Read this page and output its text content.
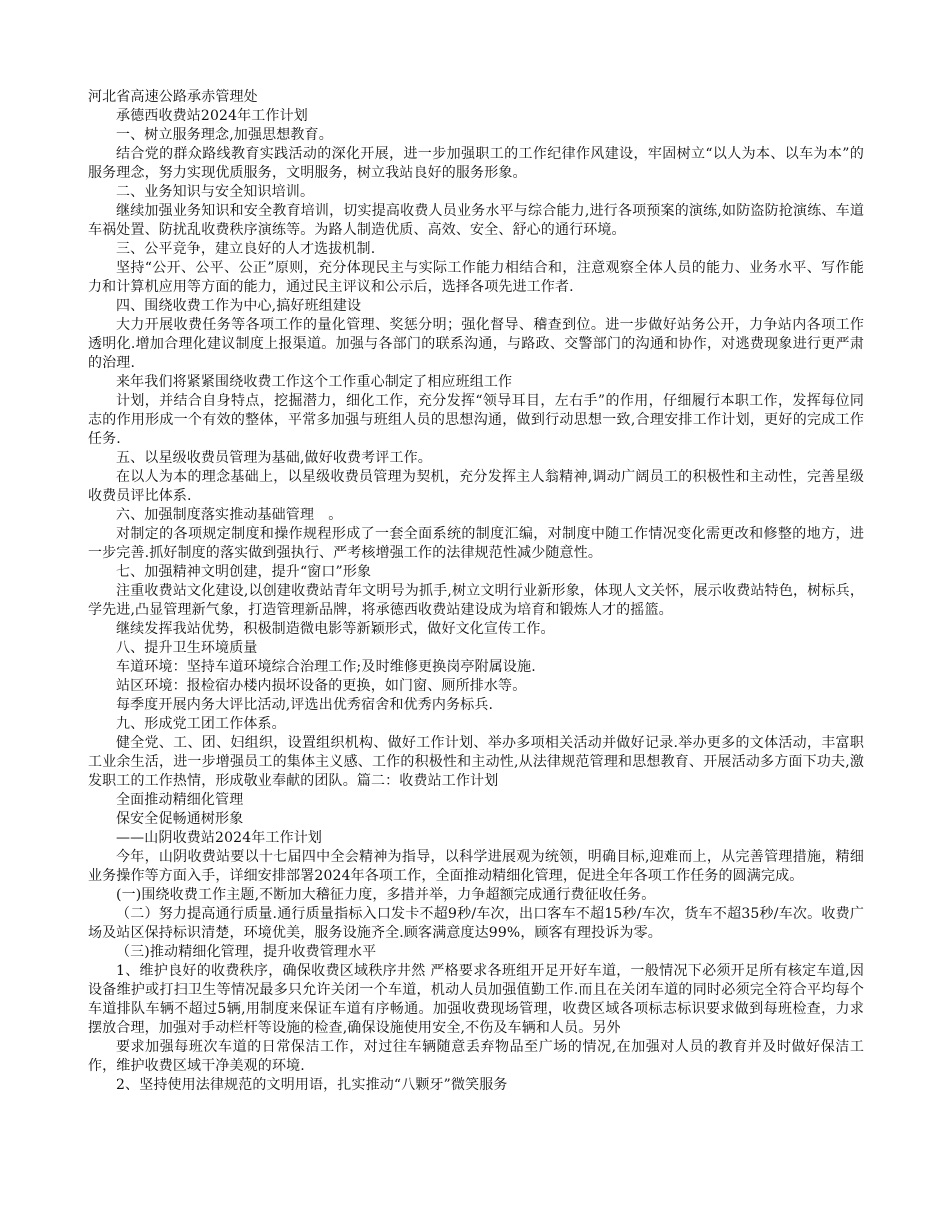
河北省高速公路承赤管理处

承德西收费站2024年工作计划

一、树立服务理念,加强思想教育。

结合党的群众路线教育实践活动的深化开展，进一步加强职工的工作纪律作风建设，牢固树立“以人为本、以车为本”的服务理念，努力实现优质服务，文明服务，树立我站良好的服务形象。

二、业务知识与安全知识培训。

继续加强业务知识和安全教育培训，切实提高收费人员业务水平与综合能力,进行各项预案的演练,如防盗防抢演练、车道车祸处置、防扰乱收费秩序演练等。为路人制造优质、高效、安全、舒心的通行环境。

三、公平竞争，建立良好的人才选拔机制.

坚持“公开、公平、公正”原则，充分体现民主与实际工作能力相结合和，注意观察全体人员的能力、业务水平、写作能力和计算机应用等方面的能力，通过民主评议和公示后，选择各项先进工作者.

四、围绕收费工作为中心,搞好班组建设

大力开展收费任务等各项工作的量化管理、奖惩分明；强化督导、稽查到位。进一步做好站务公开，力争站内各项工作透明化.增加合理化建议制度上报渠道。加强与各部门的联系沟通，与路政、交警部门的沟通和协作，对逃费现象进行更严肃的治理.

来年我们将紧紧围绕收费工作这个工作重心制定了相应班组工作

计划，并结合自身特点，挖掘潜力，细化工作，充分发挥“领导耳目，左右手”的作用，仔细履行本职工作，发挥每位同志的作用形成一个有效的整体，平常多加强与班组人员的思想沟通，做到行动思想一致,合理安排工作计划，更好的完成工作任务.

五、以星级收费员管理为基础,做好收费考评工作。

在以人为本的理念基础上，以星级收费员管理为契机，充分发挥主人翁精神,调动广阔员工的积极性和主动性，完善星级收费员评比体系.

六、加强制度落实推动基础管理　。

对制定的各项规定制度和操作规程形成了一套全面系统的制度汇编，对制度中随工作情况变化需更改和修整的地方，进一步完善.抓好制度的落实做到强执行、严考核增强工作的法律规范性减少随意性。

七、加强精神文明创建，提升“窗口”形象

注重收费站文化建设,以创建收费站青年文明号为抓手,树立文明行业新形象，体现人文关怀，展示收费站特色，树标兵，学先进,凸显管理新气象，打造管理新品牌，将承德西收费站建设成为培育和锻炼人才的摇篮。

继续发挥我站优势，积极制造微电影等新颖形式，做好文化宣传工作。

八、提升卫生环境质量

车道环境：坚持车道环境综合治理工作;及时维修更换岗亭附属设施.

站区环境：报检宿办楼内损坏设备的更换，如门窗、厕所排水等。

每季度开展内务大评比活动,评选出优秀宿舍和优秀内务标兵.

九、形成党工团工作体系。

健全党、工、团、妇组织，设置组织机构、做好工作计划、举办多项相关活动并做好记录.举办更多的文体活动，丰富职工业余生活，进一步增强员工的集体主义感、工作的积极性和主动性,从法律规范管理和思想教育、开展活动多方面下功夫,激发职工的工作热情，形成敬业奉献的团队。篇二：收费站工作计划

全面推动精细化管理

保安全促畅通树形象

——山阴收费站2024年工作计划

今年，山阴收费站要以十七届四中全会精神为指导，以科学进展观为统领，明确目标,迎难而上，从完善管理措施，精细业务操作等方面入手，详细安排部署2024年各项工作，全面推动精细化管理，促进全年各项工作任务的圆满完成。

(一)围绕收费工作主题,不断加大稽征力度，多措并举，力争超额完成通行费征收任务。

（二）努力提高通行质量.通行质量指标入口发卡不超9秒/车次，出口客车不超15秒/车次，货车不超35秒/车次。收费广场及站区保持标识清楚，环境优美，服务设施齐全.顾客满意度达99%，顾客有理投诉为零。

（三)推动精细化管理，提升收费管理水平

1、维护良好的收费秩序，确保收费区域秩序井然 严格要求各班组开足开好车道，一般情况下必须开足所有核定车道,因设备维护或打扫卫生等情况最多只允许关闭一个车道，机动人员加强值勤工作.而且在关闭车道的同时必须完全符合平均每个车道排队车辆不超过5辆,用制度来保证车道有序畅通。加强收费现场管理，收费区域各项标志标识要求做到每班检查，力求摆放合理，加强对手动栏杆等设施的检查,确保设施使用安全,不伤及车辆和人员。另外

要求加强每班次车道的日常保洁工作，对过往车辆随意丢弃物品至广场的情况,在加强对人员的教育并及时做好保洁工作，维护收费区域干净美观的环境.

2、坚持使用法律规范的文明用语，扎实推动“八颗牙”微笑服务
